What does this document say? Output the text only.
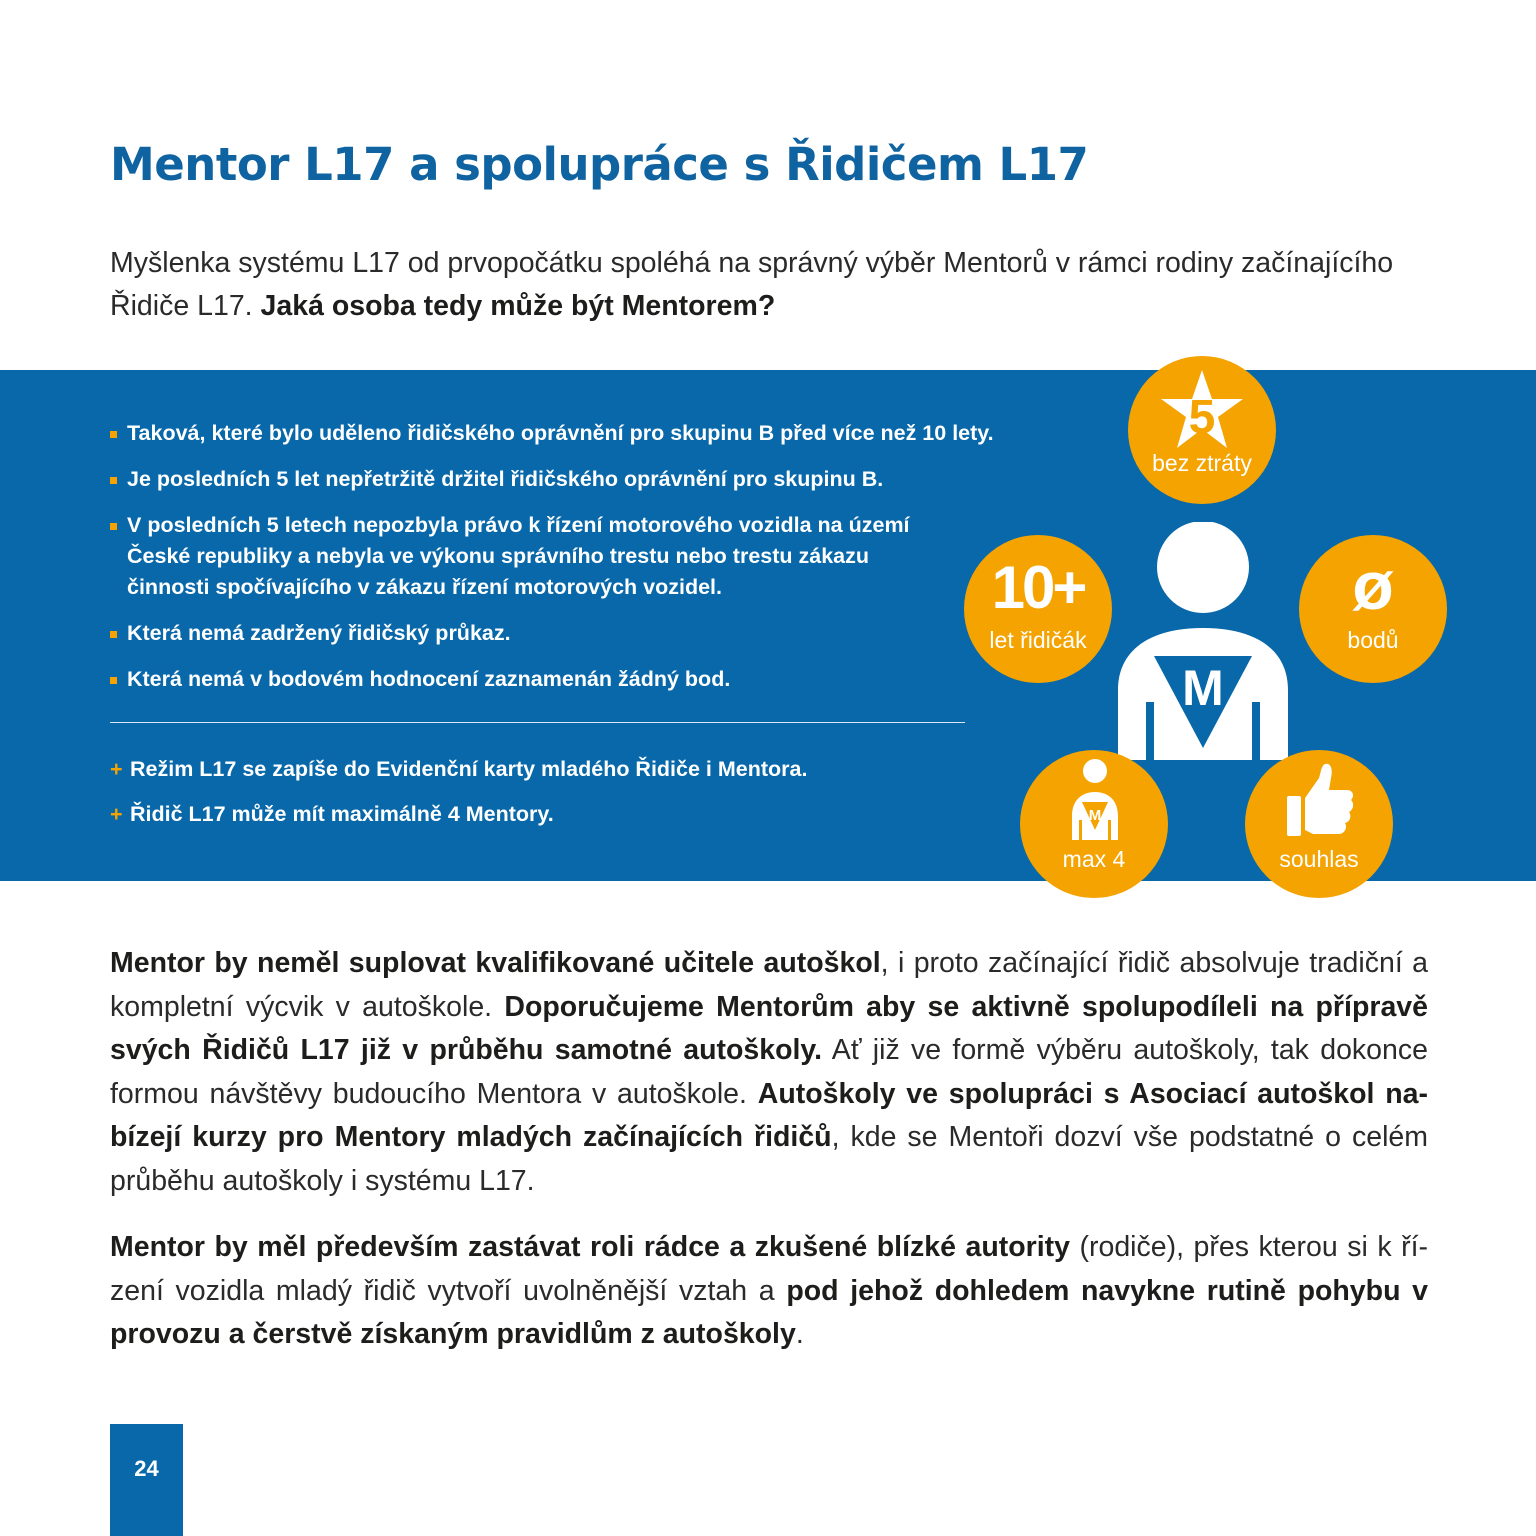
Mentor L17 a spolupráce s Řidičem L17

Myšlenka systému L17 od prvopočátku spoléhá na správný výběr Mentorů v rámci rodiny začínajícího Řidiče L17. Jaká osoba tedy může být Mentorem?

Taková, které bylo uděleno řidičského oprávnění pro skupinu B před více než 10 lety.
Je posledních 5 let nepřetržitě držitel řidičského oprávnění pro skupinu B.
V posledních 5 letech nepozbyla právo k řízení motorového vozidla na území České republiky a nebyla ve výkonu správního trestu nebo trestu zákazu činnosti spočívajícího v zákazu řízení motorových vozidel.
Která nemá zadržený řidičský průkaz.
Která nemá v bodovém hodnocení zaznamenán žádný bod.
+ Režim L17 se zapíše do Evidenční karty mladého Řidiče i Mentora.
+ Řidič L17 může mít maximálně 4 Mentory.
M
5
bez ztráty
10+
let řidičák
ø
bodů
M
max 4	souhlas

Mentor by neměl suplovat kvalifikované učitele autoškol, i proto začínající řidič absolvuje tradiční a kompletní výcvik v autoškole. Doporučujeme Mentorům aby se aktivně spolupodíleli na přípravě svých Řidičů L17 již v průběhu samotné autoškoly. Ať již ve formě výběru autoškoly, tak dokonce formou návštěvy budoucího Mentora v autoškole. Autoškoly ve spolupráci s Asociací autoškol nabízejí kurzy pro Mentory mladých začínajících řidičů, kde se Mentoři dozví vše podstatné o celém průběhu autoškoly i systému L17.

Mentor by měl především zastávat roli rádce a zkušené blízké autority (rodiče), přes kterou si k řízení vozidla mladý řidič vytvoří uvolněnější vztah a pod jehož dohledem navykne rutině pohybu v provozu a čerstvě získaným pravidlům z autoškoly.

24
